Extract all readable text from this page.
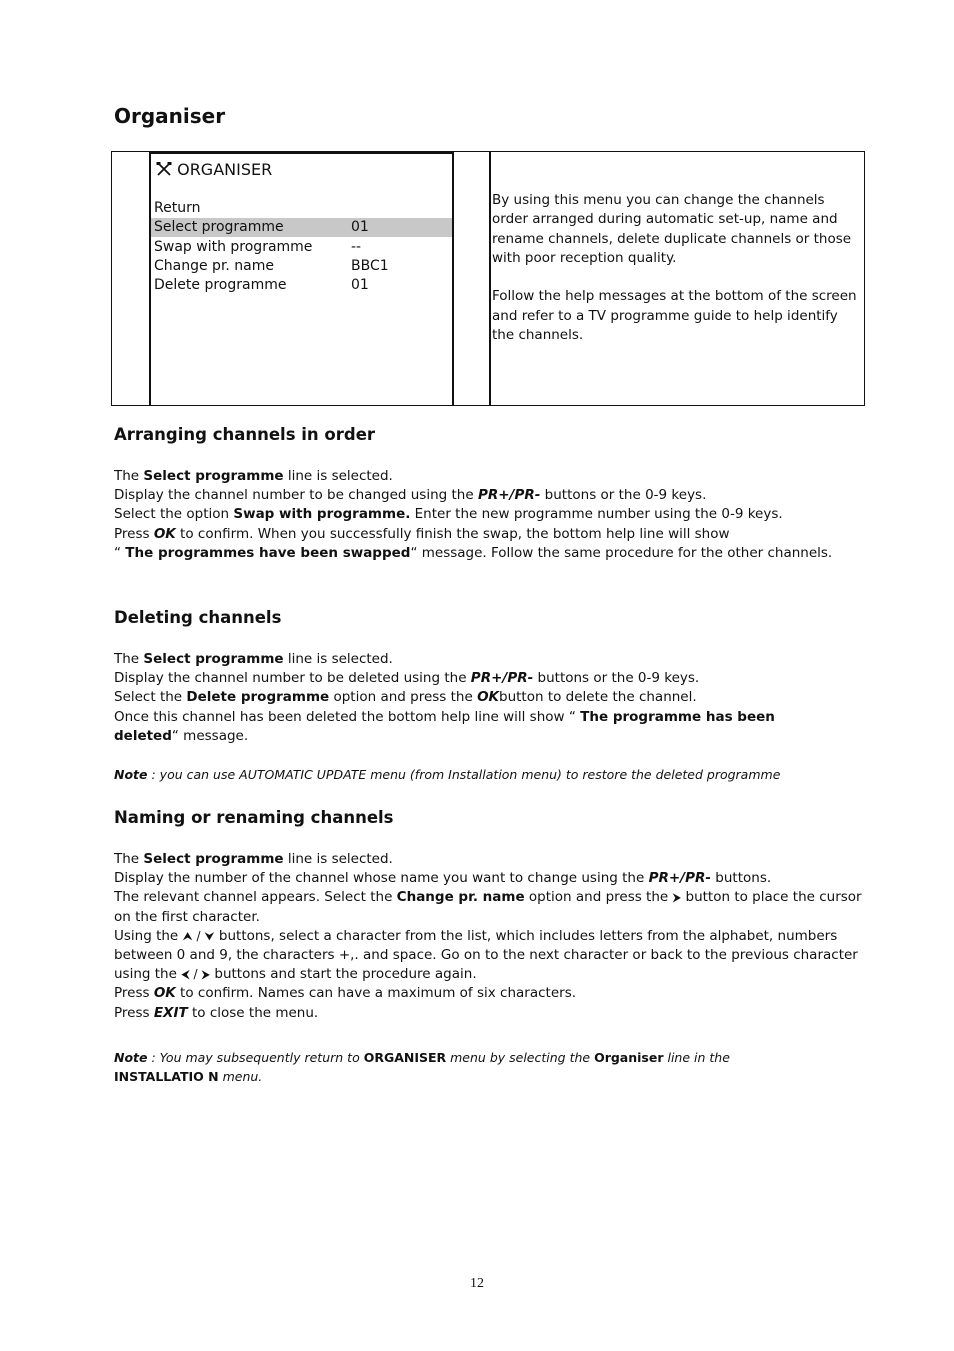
Organiser
ORGANISER
Return
Select programme	01
Swap with programme	--
Change pr. name	BBC1
Delete programme	01

By using this menu you can change the channels order arranged during automatic set-up, name and rename channels, delete duplicate channels or those with poor reception quality.

Follow the help messages at the bottom of the screen and refer to a TV programme guide to help identify the channels.

Arranging channels in order

The Select programme line is selected.

Display the channel number to be changed using the PR+/PR- buttons or the 0-9 keys.

Select the option Swap with programme. Enter the new programme number using the 0-9 keys.

Press OK to confirm. When you successfully finish the swap, the bottom help line will show

“ The programmes have been swapped“ message. Follow the same procedure for the other channels.

Deleting channels

The Select programme line is selected.

Display the channel number to be deleted using the PR+/PR- buttons or the 0-9 keys.

Select the Delete programme option and press the OKbutton to delete the channel.

Once this channel has been deleted the bottom help line will show “ The programme has been

deleted“ message.

Note : you can use AUTOMATIC UPDATE menu (from Installation menu) to restore the deleted programme

Naming or renaming channels

The Select programme line is selected.

Display the number of the channel whose name you want to change using the PR+/PR- buttons.

The relevant channel appears. Select the Change pr. name option and press the ⮞ button to place the cursor

on the first character.

Using the ⮝ / ⮟ buttons, select a character from the list, which includes letters from the alphabet, numbers

between 0 and 9, the characters +,. and space. Go on to the next character or back to the previous character

using the ⮜ / ⮞ buttons and start the procedure again.

Press OK to confirm. Names can have a maximum of six characters.

Press EXIT to close the menu.

Note : You may subsequently return to ORGANISER menu by selecting the Organiser line in the

INSTALLATIO N menu.

12
